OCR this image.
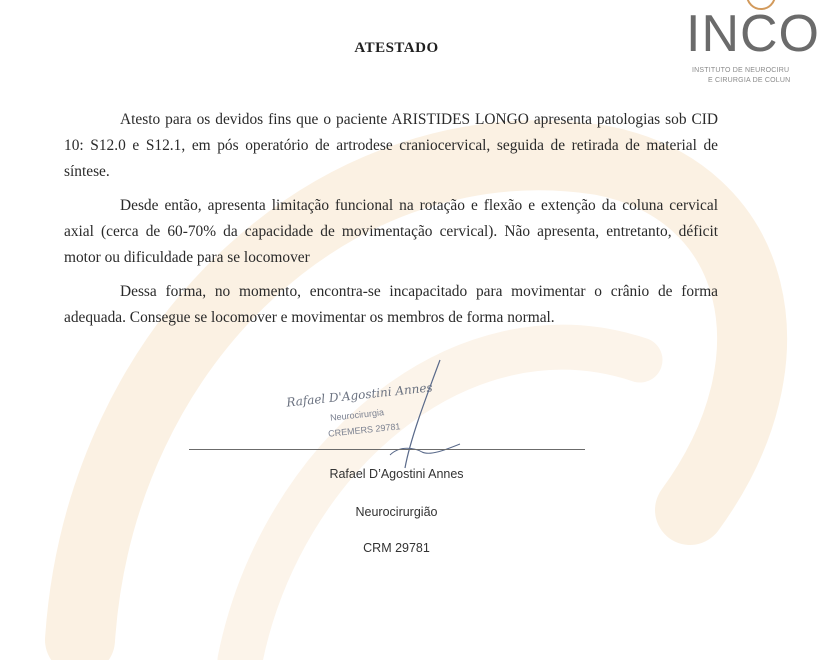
INCO
INSTITUTO DE NEUROCIRU
E CIRURGIA DE COLUN
ATESTADO

Atesto para os devidos fins que o paciente ARISTIDES LONGO apresenta patologias sob CID 10: S12.0 e S12.1, em pós operatório de artrodese craniocervical, seguida de retirada de material de síntese.

Desde então, apresenta limitação funcional na rotação e flexão e extenção da coluna cervical axial (cerca de 60-70% da capacidade de movimentação cervical). Não apresenta, entretanto, déficit motor ou dificuldade para se locomover

Dessa forma, no momento, encontra-se incapacitado para movimentar o crânio de forma adequada. Consegue se locomover e movimentar os membros de forma normal.

Rafael D'Agostini Annes
Neurocirurgia
CREMERS 29781
Rafael D’Agostini Annes
Neurocirurgião
CRM 29781
